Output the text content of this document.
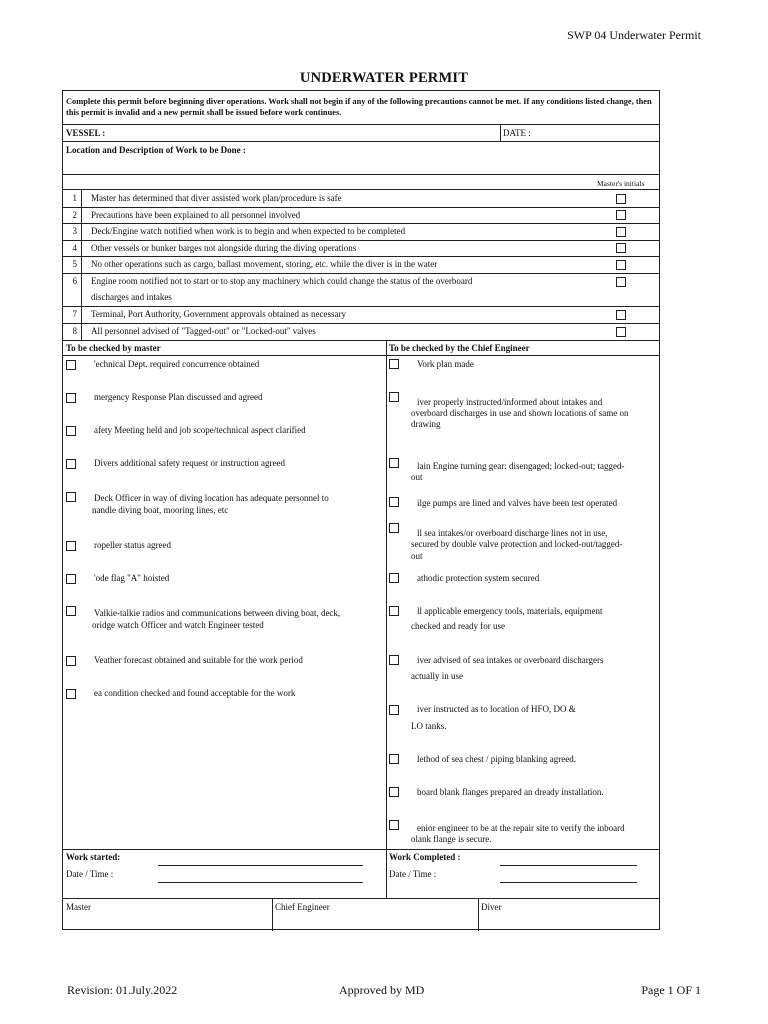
SWP 04 Underwater Permit
UNDERWATER PERMIT
Complete this permit before beginning diver operations. Work shall not begin if any of the following precautions cannot be met. If any conditions listed change, then this permit is invalid and a new permit shall be issued before work continues.
VESSEL :	DATE :
Location and Description of Work to be Done :
Master's initials
1 Master has determined that diver assisted work plan/procedure is safe
2 Precautions have been explained to all personnel involved
3 Deck/Engine watch notified when work is to begin and when expected to be completed
4 Other vessels or bunker barges not alongside during the diving operations
5 No other operations such as cargo, ballast movement, storing, etc. while the diver is in the water
6 Engine room notified not to start or to stop any machinery which could change the status of the overboard
discharges and intakes
7 Terminal, Port Authority, Government approvals obtained as necessary
8 All personnel advised of "Tagged-out" or "Locked-out" valves
To be checked by master	To be checked by the Chief Engineer
'echnical Dept. required concurrence obtained
mergency Response Plan discussed and agreed
afety Meeting held and job scope/technical aspect clarified
Divers additional safety request or instruction agreed
Deck Officer in way of diving location has adequate personnel to
nandle diving boat, mooring lines, etc
ropeller status agreed
'ode flag "A" hoisted
Valkie-talkie radios and communications between diving boat, deck,
oridge watch Officer and watch Engineer tested
Veather forecast obtained and suitable for the work period
ea condition checked and found acceptable for the work
Vork plan made
iver properly instructed/informed about intakes and
overboard discharges in use and shown locations of same on
drawing
lain Engine turning gear: disengaged; locked-out; tagged-
out
ilge pumps are lined and valves have been test operated
ll sea intakes/or overboard discharge lines not in use,
secured by double valve protection and locked-out/tagged-
out
athodic protection system secured
ll applicable emergency tools, materials, equipment
checked and ready for use
iver advised of sea intakes or overboard dischargers
actually in use
iver instructed as to location of HFO, DO &
LO tanks.
lethod of sea chest / piping blanking agreed.
board blank flanges prepared an dready installation.
enior engineer to be at the repair site to verify the inboard
olank flange is secure.
Work started:
Date / Time :
Work Completed :
Date / Time :
Master	Chief Engineer	Diver
Revision: 01.July.2022	Approved by MD	Page 1 OF 1
